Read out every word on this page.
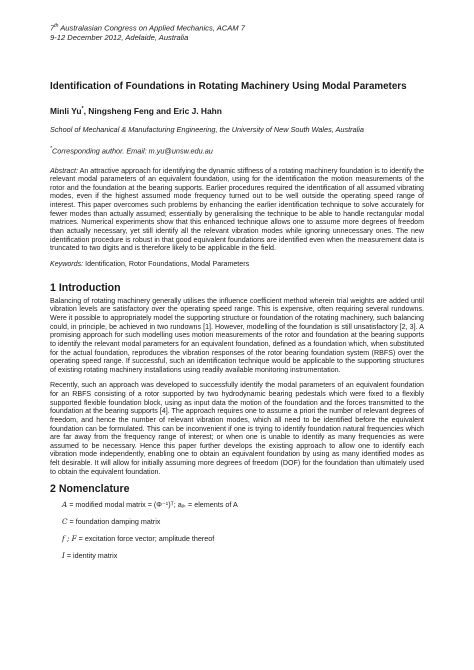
7th Australasian Congress on Applied Mechanics, ACAM 7
9-12 December 2012, Adelaide, Australia
Identification of Foundations in Rotating Machinery Using Modal Parameters
Minli Yu*, Ningsheng Feng and Eric J. Hahn
School of Mechanical & Manufacturing Engineering, the University of New South Wales, Australia
*Corresponding author. Email: m.yu@unsw.edu.au
Abstract: An attractive approach for identifying the dynamic stiffness of a rotating machinery foundation is to identify the relevant modal parameters of an equivalent foundation, using for the identification the motion measurements of the rotor and the foundation at the bearing supports. Earlier procedures required the identification of all assumed vibrating modes, even if the highest assumed mode frequency turned out to be well outside the operating speed range of interest. This paper overcomes such problems by enhancing the earlier identification technique to solve accurately for fewer modes than actually assumed; essentially by generalising the technique to be able to handle rectangular modal matrices. Numerical experiments show that this enhanced technique allows one to assume more degrees of freedom than actually necessary, yet still identify all the relevant vibration modes while ignoring unnecessary ones. The new identification procedure is robust in that good equivalent foundations are identified even when the measurement data is truncated to two digits and is therefore likely to be applicable in the field.
Keywords: Identification, Rotor Foundations, Modal Parameters
1 Introduction

Balancing of rotating machinery generally utilises the influence coefficient method wherein trial weights are added until vibration levels are satisfactory over the operating speed range. This is expensive, often requiring several rundowns. Were it possible to appropriately model the supporting structure or foundation of the rotating machinery, such balancing could, in principle, be achieved in two rundowns [1]. However, modelling of the foundation is still unsatisfactory [2, 3]. A promising approach for such modelling uses motion measurements of the rotor and foundation at the bearing supports to identify the relevant modal parameters for an equivalent foundation, defined as a foundation which, when substituted for the actual foundation, reproduces the vibration responses of the rotor bearing foundation system (RBFS) over the operating speed range. If successful, such an identification technique would be applicable to the supporting structures of existing rotating machinery installations using readily available monitoring instrumentation.

Recently, such an approach was developed to successfully identify the modal parameters of an equivalent foundation for an RBFS consisting of a rotor supported by two hydrodynamic bearing pedestals which were fixed to a flexibly supported flexible foundation block, using as input data the motion of the foundation and the forces transmitted to the foundation at the bearing supports [4]. The approach requires one to assume a priori the number of relevant degrees of freedom, and hence the number of relevant vibration modes, which all need to be identified before the equivalent foundation can be formulated. This can be inconvenient if one is trying to identify foundation natural frequencies which are far away from the frequency range of interest; or when one is unable to identify as many frequencies as were assumed to be necessary. Hence this paper further develops the existing approach to allow one to identify each vibration mode independently, enabling one to obtain an equivalent foundation by using as many identified modes as felt desirable. It will allow for initially assuming more degrees of freedom (DOF) for the foundation than ultimately used to obtain the equivalent foundation.

2 Nomenclature
A = modified modal matrix = (Φ⁻¹)ᵀ; aⱼₖ = elements of A
C = foundation damping matrix
f ; F = excitation force vector; amplitude thereof
I = identity matrix
